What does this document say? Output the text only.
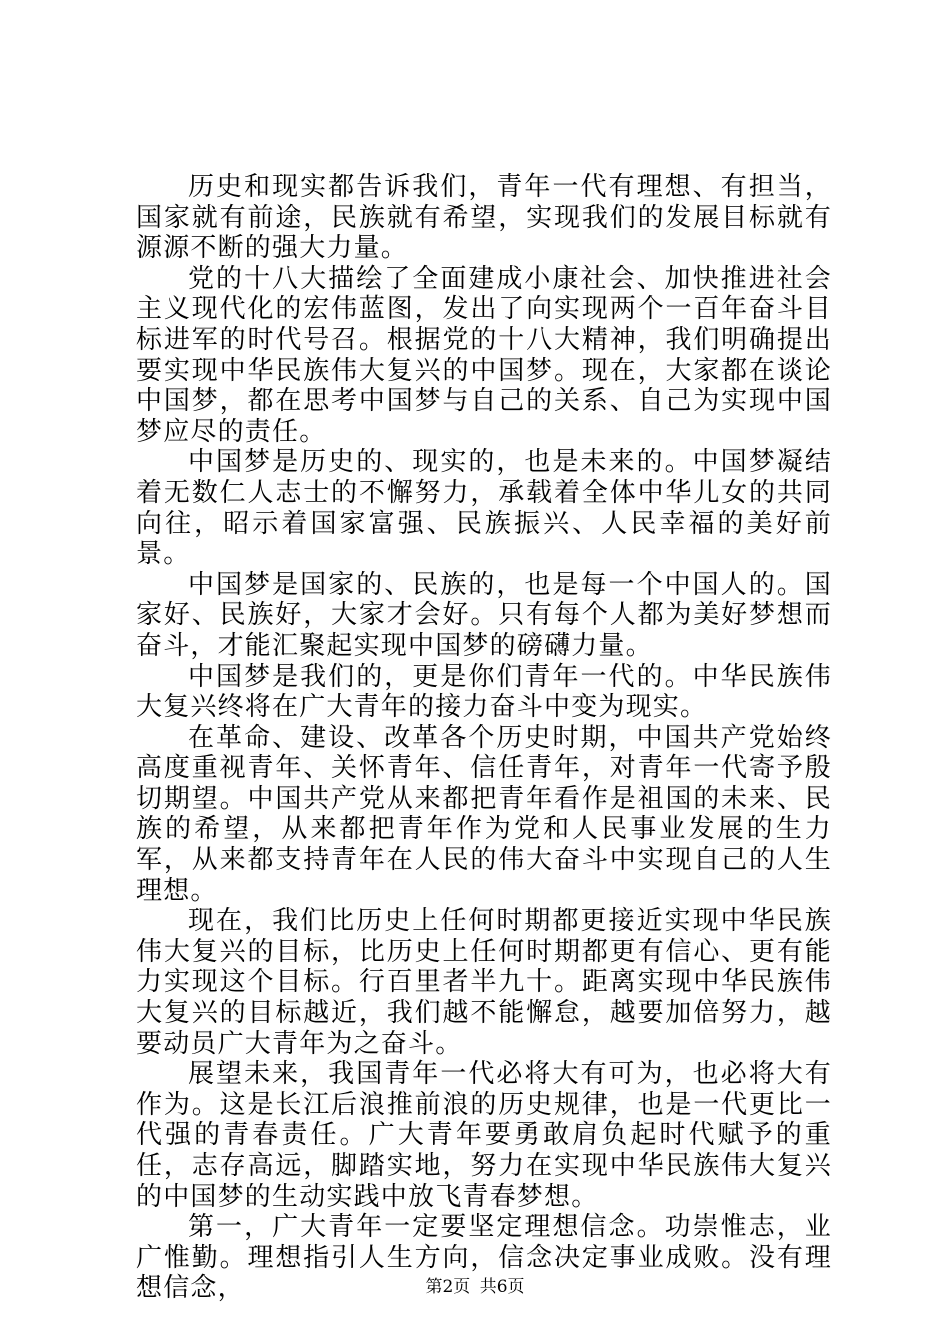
历史和现实都告诉我们，青年一代有理想、有担当，国家就有前途，民族就有希望，实现我们的发展目标就有源源不断的强大力量。

党的十八大描绘了全面建成小康社会、加快推进社会主义现代化的宏伟蓝图，发出了向实现两个一百年奋斗目标进军的时代号召。根据党的十八大精神，我们明确提出要实现中华民族伟大复兴的中国梦。现在，大家都在谈论中国梦，都在思考中国梦与自己的关系、自己为实现中国梦应尽的责任。

中国梦是历史的、现实的，也是未来的。中国梦凝结着无数仁人志士的不懈努力，承载着全体中华儿女的共同向往，昭示着国家富强、民族振兴、人民幸福的美好前景。

中国梦是国家的、民族的，也是每一个中国人的。国家好、民族好，大家才会好。只有每个人都为美好梦想而奋斗，才能汇聚起实现中国梦的磅礴力量。

中国梦是我们的，更是你们青年一代的。中华民族伟大复兴终将在广大青年的接力奋斗中变为现实。

在革命、建设、改革各个历史时期，中国共产党始终高度重视青年、关怀青年、信任青年，对青年一代寄予殷切期望。中国共产党从来都把青年看作是祖国的未来、民族的希望，从来都把青年作为党和人民事业发展的生力军，从来都支持青年在人民的伟大奋斗中实现自己的人生理想。

现在，我们比历史上任何时期都更接近实现中华民族伟大复兴的目标，比历史上任何时期都更有信心、更有能力实现这个目标。行百里者半九十。距离实现中华民族伟大复兴的目标越近，我们越不能懈怠，越要加倍努力，越要动员广大青年为之奋斗。

展望未来，我国青年一代必将大有可为，也必将大有作为。这是长江后浪推前浪的历史规律，也是一代更比一代强的青春责任。广大青年要勇敢肩负起时代赋予的重任，志存高远，脚踏实地，努力在实现中华民族伟大复兴的中国梦的生动实践中放飞青春梦想。

第一，广大青年一定要坚定理想信念。功崇惟志，业广惟勤。理想指引人生方向，信念决定事业成败。没有理想信念，	第2页 共6页
